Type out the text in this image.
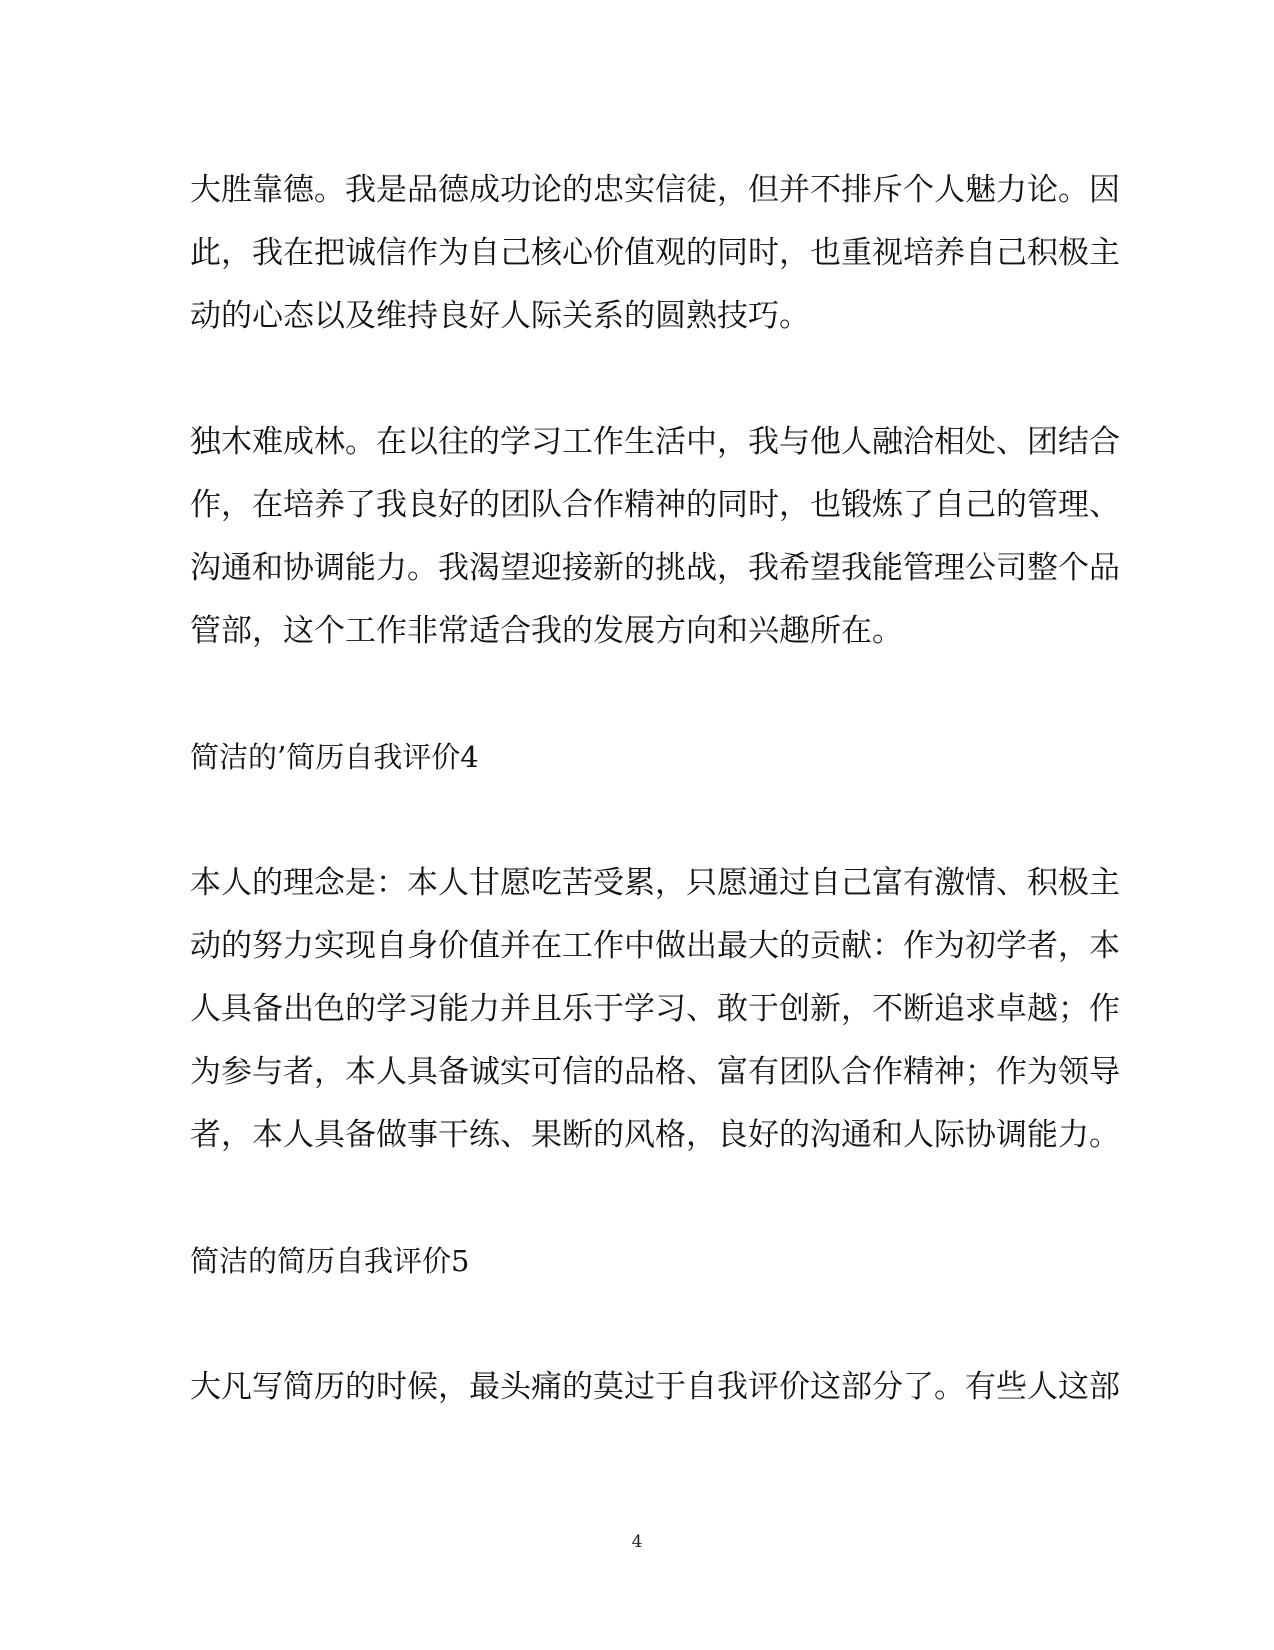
大胜靠德。我是品德成功论的忠实信徒，但并不排斥个人魅力论。因
此，我在把诚信作为自己核心价值观的同时，也重视培养自己积极主
动的心态以及维持良好人际关系的圆熟技巧。
独木难成林。在以往的学习工作生活中，我与他人融洽相处、团结合
作，在培养了我良好的团队合作精神的同时，也锻炼了自己的管理、
沟通和协调能力。我渴望迎接新的挑战，我希望我能管理公司整个品
管部，这个工作非常适合我的发展方向和兴趣所在。
简洁的’简历自我评价4
本人的理念是：本人甘愿吃苦受累，只愿通过自己富有激情、积极主
动的努力实现自身价值并在工作中做出最大的贡献：作为初学者，本
人具备出色的学习能力并且乐于学习、敢于创新，不断追求卓越；作
为参与者，本人具备诚实可信的品格、富有团队合作精神；作为领导
者，本人具备做事干练、果断的风格，良好的沟通和人际协调能力。
简洁的简历自我评价5
大凡写简历的时候，最头痛的莫过于自我评价这部分了。有些人这部
4
